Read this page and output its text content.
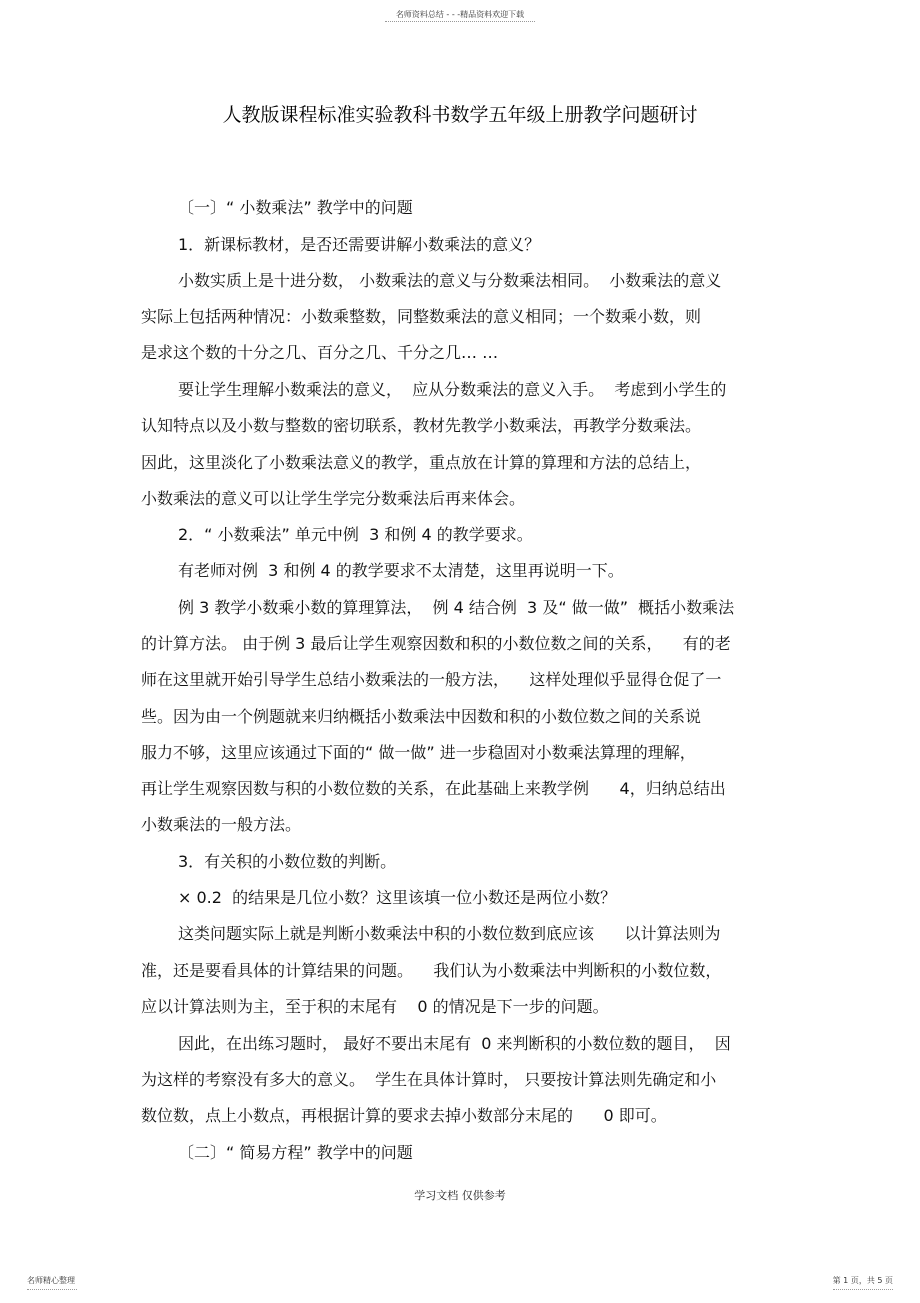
名师资料总结 - - -精品资料欢迎下载
人教版课程标准实验教科书数学五年级上册教学问题研讨
〔一〕“ 小数乘法” 教学中的问题
1．新课标教材，是否还需要讲解小数乘法的意义？
小数实质上是十进分数， 小数乘法的意义与分数乘法相同。  小数乘法的意义
实际上包括两种情况：小数乘整数，同整数乘法的意义相同；一个数乘小数，则
是求这个数的十分之几、百分之几、千分之几… …
要让学生理解小数乘法的意义，  应从分数乘法的意义入手。  考虑到小学生的
认知特点以及小数与整数的密切联系，教材先教学小数乘法，再教学分数乘法。
因此，这里淡化了小数乘法意义的教学，重点放在计算的算理和方法的总结上，
小数乘法的意义可以让学生学完分数乘法后再来体会。
2．“ 小数乘法” 单元中例  3 和例 4 的教学要求。
有老师对例  3 和例 4 的教学要求不太清楚，这里再说明一下。
例 3 教学小数乘小数的算理算法，  例 4 结合例  3 及“ 做一做”  概括小数乘法
的计算方法。 由于例 3 最后让学生观察因数和积的小数位数之间的关系，    有的老
师在这里就开始引导学生总结小数乘法的一般方法，    这样处理似乎显得仓促了一
些。因为由一个例题就来归纳概括小数乘法中因数和积的小数位数之间的关系说
服力不够，这里应该通过下面的“ 做一做” 进一步稳固对小数乘法算理的理解，
再让学生观察因数与积的小数位数的关系，在此基础上来教学例      4，归纳总结出
小数乘法的一般方法。
3．有关积的小数位数的判断。
× 0.2  的结果是几位小数？这里该填一位小数还是两位小数？
这类问题实际上就是判断小数乘法中积的小数位数到底应该      以计算法则为
准，还是要看具体的计算结果的问题。    我们认为小数乘法中判断积的小数位数，
应以计算法则为主，至于积的末尾有    0 的情况是下一步的问题。
因此，在出练习题时， 最好不要出末尾有  0 来判断积的小数位数的题目，  因
为这样的考察没有多大的意义。  学生在具体计算时， 只要按计算法则先确定和小
数位数，点上小数点，再根据计算的要求去掉小数部分末尾的      0 即可。
〔二〕“ 简易方程” 教学中的问题
学习文档 仅供参考
名师精心整理	第 1 页，共 5 页
